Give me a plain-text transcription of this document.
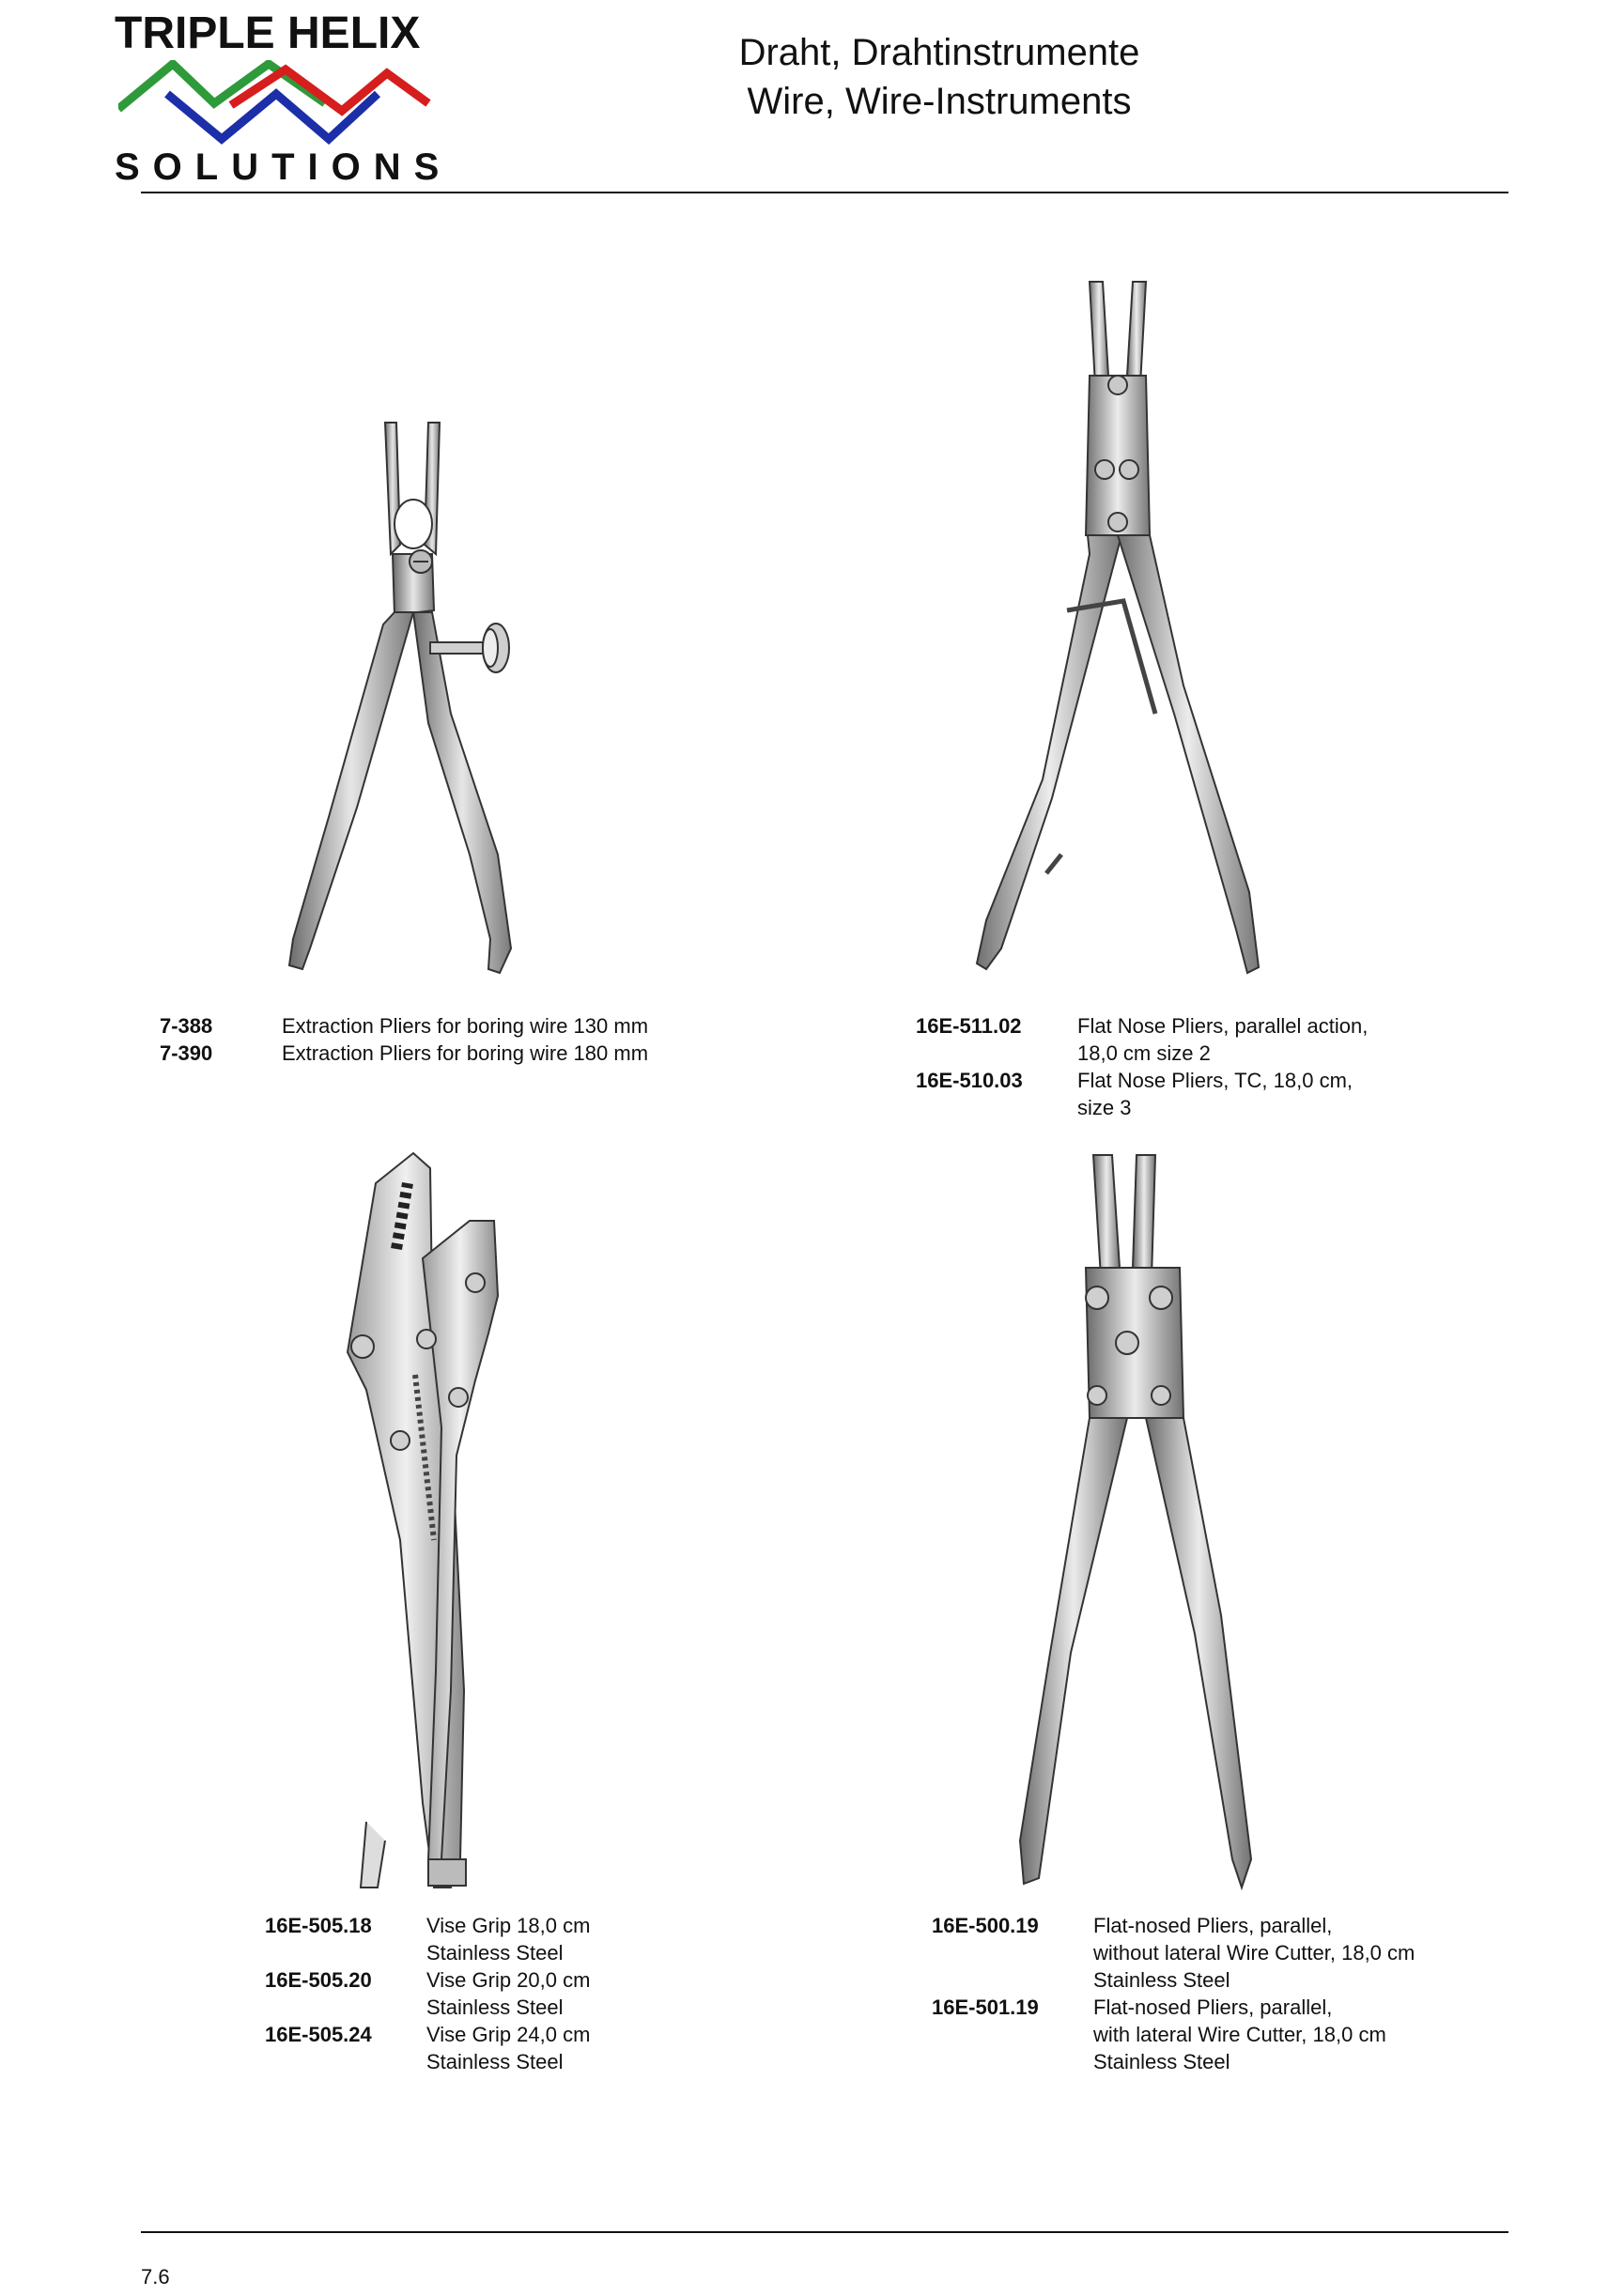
TRIPLE HELIX
SOLUTIONS
Draht, Drahtinstrumente
Wire, Wire-Instruments
7-388	Extraction Pliers for boring wire 130 mm
7-390	Extraction Pliers for boring wire 180 mm
16E-511.02	Flat Nose Pliers, parallel action,
18,0 cm size 2
16E-510.03	Flat Nose Pliers, TC, 18,0 cm,
size 3
16E-505.18	Vise Grip 18,0 cm
Stainless Steel
16E-505.20	Vise Grip 20,0 cm
Stainless Steel
16E-505.24	Vise Grip 24,0 cm
Stainless Steel
16E-500.19	Flat-nosed Pliers, parallel,
without lateral Wire Cutter, 18,0 cm
Stainless Steel
16E-501.19	Flat-nosed Pliers, parallel,
with lateral Wire Cutter, 18,0 cm
Stainless Steel
7.6
